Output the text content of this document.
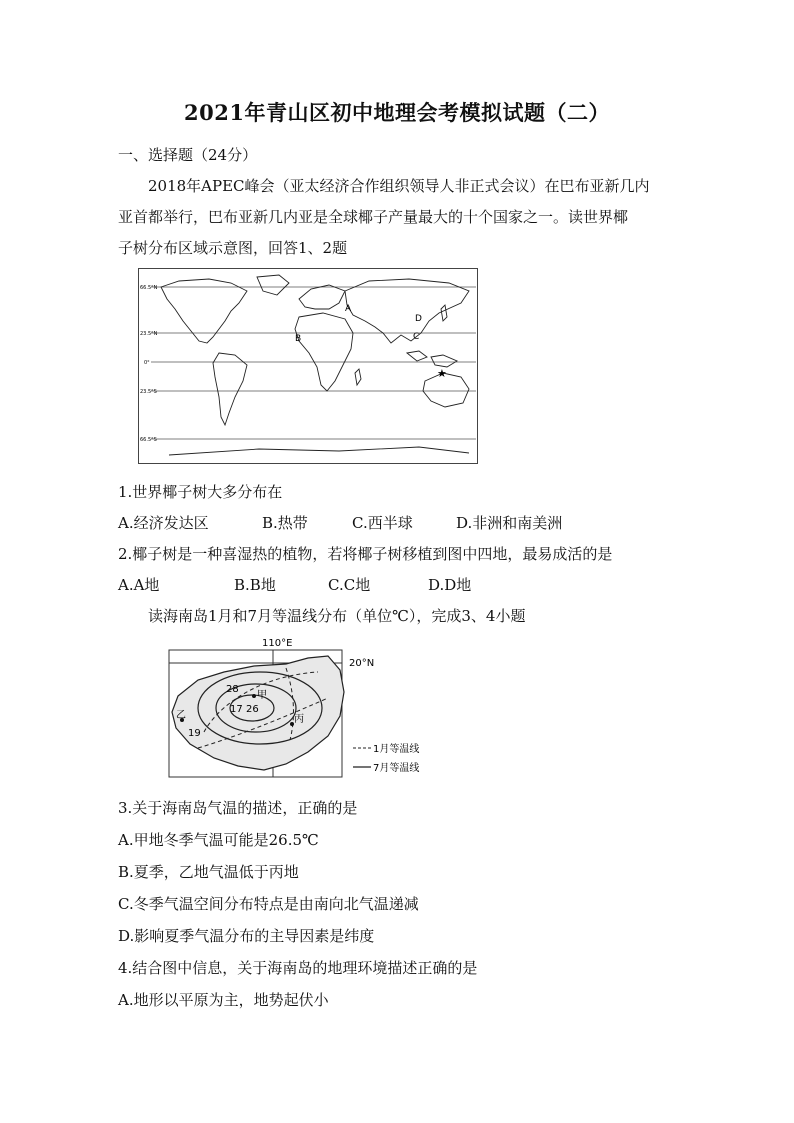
2021年青山区初中地理会考模拟试题（二）
一、选择题（24分）
2018年APEC峰会（亚太经济合作组织领导人非正式会议）在巴布亚新几内
亚首都举行，巴布亚新几内亚是全球椰子产量最大的十个国家之一。读世界椰
子树分布区域示意图，回答1、2题
66.5°N
23.5°N
0°
23.5°S
66.5°S
A
B	C
D
★
1.世界椰子树大多分布在
A.经济发达区	B.热带	C.西半球	D.非洲和南美洲
2.椰子树是一种喜湿热的植物，若将椰子树移植到图中四地，最易成活的是
A.A地	B.B地	C.C地	D.D地
读海南岛1月和7月等温线分布（单位℃），完成3、4小题
110°E
20°N
甲
乙	丙
28
17 26
19
1月等温线
7月等温线
3.关于海南岛气温的描述，正确的是
A.甲地冬季气温可能是26.5℃
B.夏季，乙地气温低于丙地
C.冬季气温空间分布特点是由南向北气温递减
D.影响夏季气温分布的主导因素是纬度
4.结合图中信息，关于海南岛的地理环境描述正确的是
A.地形以平原为主，地势起伏小
